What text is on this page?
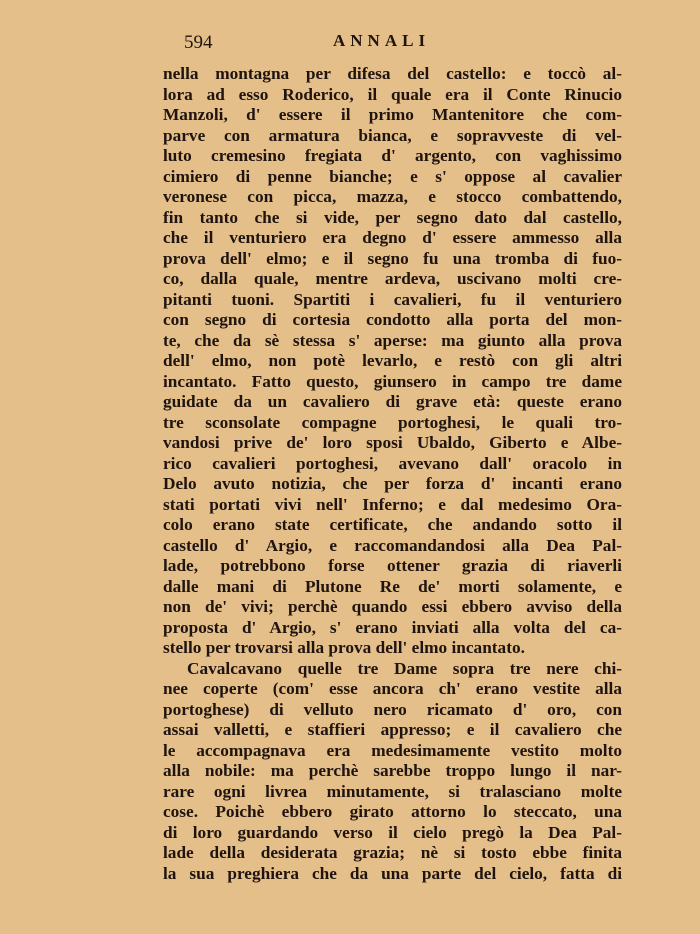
594	ANNALI
nella montagna per difesa del castello: e toccò al-
lora ad esso Roderico, il quale era il Conte Rinucio
Manzoli, d' essere il primo Mantenitore che com-
parve con armatura bianca, e sopravveste di vel-
luto cremesino fregiata d' argento, con vaghissimo
cimiero di penne bianche; e s' oppose al cavalier
veronese con picca, mazza, e stocco combattendo,
fin tanto che si vide, per segno dato dal castello,
che il venturiero era degno d' essere ammesso alla
prova dell' elmo; e il segno fu una tromba di fuo-
co, dalla quale, mentre ardeva, uscivano molti cre-
pitanti tuoni. Spartiti i cavalieri, fu il venturiero
con segno di cortesia condotto alla porta del mon-
te, che da sè stessa s' aperse: ma giunto alla prova
dell' elmo, non potè levarlo, e restò con gli altri
incantato. Fatto questo, giunsero in campo tre dame
guidate da un cavaliero di grave età: queste erano
tre sconsolate compagne portoghesi, le quali tro-
vandosi prive de' loro sposi Ubaldo, Giberto e Albe-
rico cavalieri portoghesi, avevano dall' oracolo in
Delo avuto notizia, che per forza d' incanti erano
stati portati vivi nell' Inferno; e dal medesimo Ora-
colo erano state certificate, che andando sotto il
castello d' Argio, e raccomandandosi alla Dea Pal-
lade, potrebbono forse ottener grazia di riaverli
dalle mani di Plutone Re de' morti solamente, e
non de' vivi; perchè quando essi ebbero avviso della
proposta d' Argio, s' erano inviati alla volta del ca-
stello per trovarsi alla prova dell' elmo incantato.
Cavalcavano quelle tre Dame sopra tre nere chi-
nee coperte (com' esse ancora ch' erano vestite alla
portoghese) di velluto nero ricamato d' oro, con
assai valletti, e staffieri appresso; e il cavaliero che
le accompagnava era medesimamente vestito molto
alla nobile: ma perchè sarebbe troppo lungo il nar-
rare ogni livrea minutamente, si tralasciano molte
cose. Poichè ebbero girato attorno lo steccato, una
di loro guardando verso il cielo pregò la Dea Pal-
lade della desiderata grazia; nè si tosto ebbe finita
la sua preghiera che da una parte del cielo, fatta di
